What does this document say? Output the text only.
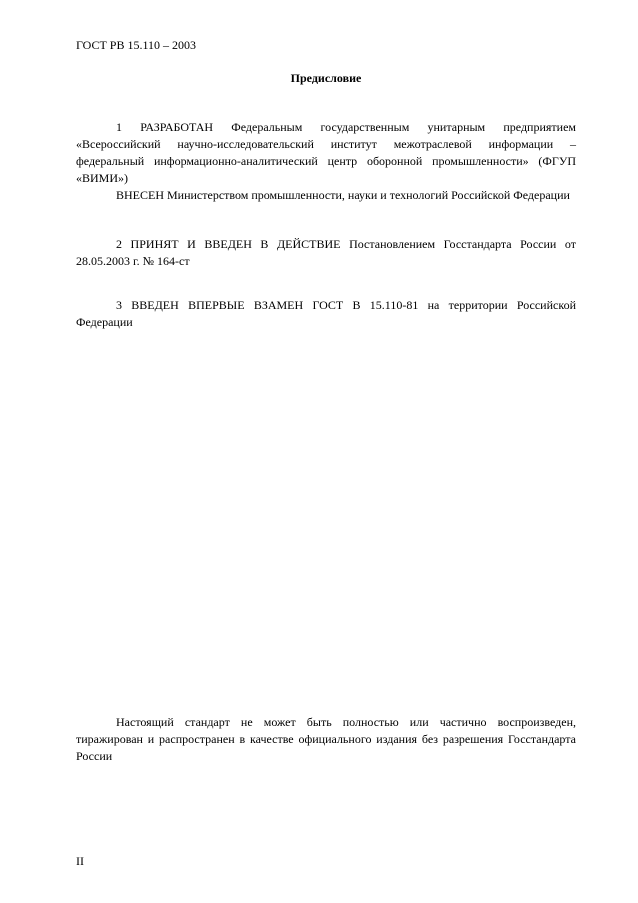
ГОСТ РВ 15.110 – 2003
Предисловие

1 РАЗРАБОТАН Федеральным государственным унитарным предприятием «Всероссийский научно-исследовательский институт межотраслевой информации – федеральный информационно-аналитический центр оборонной промышленности» (ФГУП «ВИМИ»)

ВНЕСЕН Министерством промышленности, науки и технологий Российской Федерации

2 ПРИНЯТ И ВВЕДЕН В ДЕЙСТВИЕ Постановлением Госстандарта России от 28.05.2003 г. № 164-ст

3 ВВЕДЕН ВПЕРВЫЕ ВЗАМЕН ГОСТ В 15.110-81 на территории Российской Федерации

Настоящий стандарт не может быть полностью или частично воспроизведен, тиражирован и распространен в качестве официального издания без разрешения Госстандарта России

II
